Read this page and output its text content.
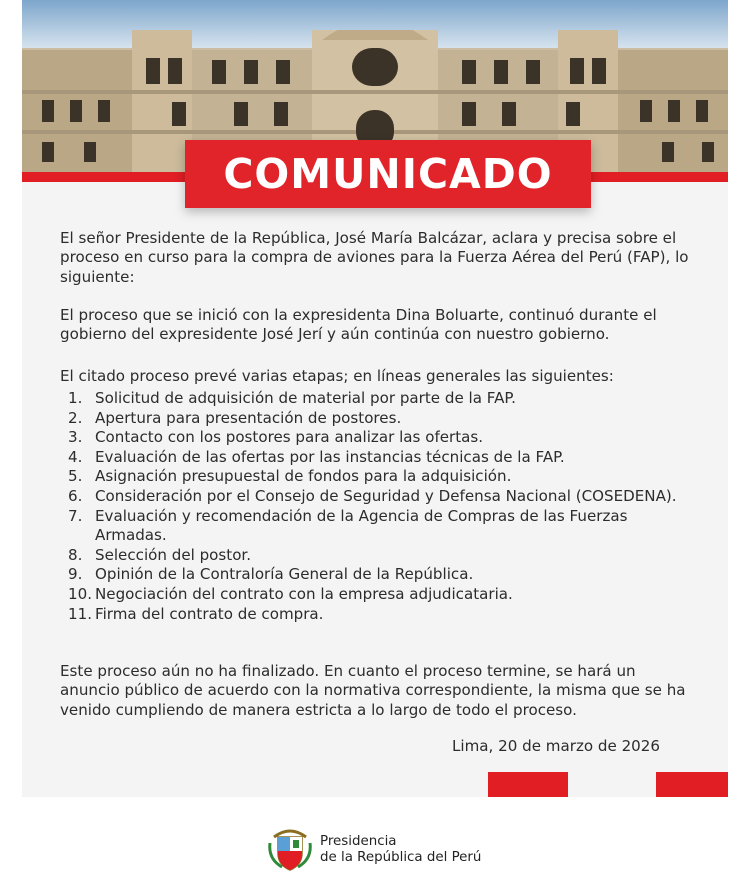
COMUNICADO
El señor Presidente de la República, José María Balcázar, aclara y precisa sobre el proceso en curso para la compra de aviones para la Fuerza Aérea del Perú (FAP), lo siguiente:
El proceso que se inició con la expresidenta Dina Boluarte, continuó durante el gobierno del expresidente José Jerí y aún continúa con nuestro gobierno.
El citado proceso prevé varias etapas; en líneas generales las siguientes:
1. Solicitud de adquisición de material por parte de la FAP.
2. Apertura para presentación de postores.
3. Contacto con los postores para analizar las ofertas.
4. Evaluación de las ofertas por las instancias técnicas de la FAP.
5. Asignación presupuestal de fondos para la adquisición.
6. Consideración por el Consejo de Seguridad y Defensa Nacional (COSEDENA).
7. Evaluación y recomendación de la Agencia de Compras de las Fuerzas Armadas.
8. Selección del postor.
9. Opinión de la Contraloría General de la República.
10. Negociación del contrato con la empresa adjudicataria.
11. Firma del contrato de compra.
Este proceso aún no ha finalizado. En cuanto el proceso termine, se hará un anuncio público de acuerdo con la normativa correspondiente, la misma que se ha venido cumpliendo de manera estricta a lo largo de todo el proceso.
Lima, 20 de marzo de 2026
Presidencia
de la República del Perú
